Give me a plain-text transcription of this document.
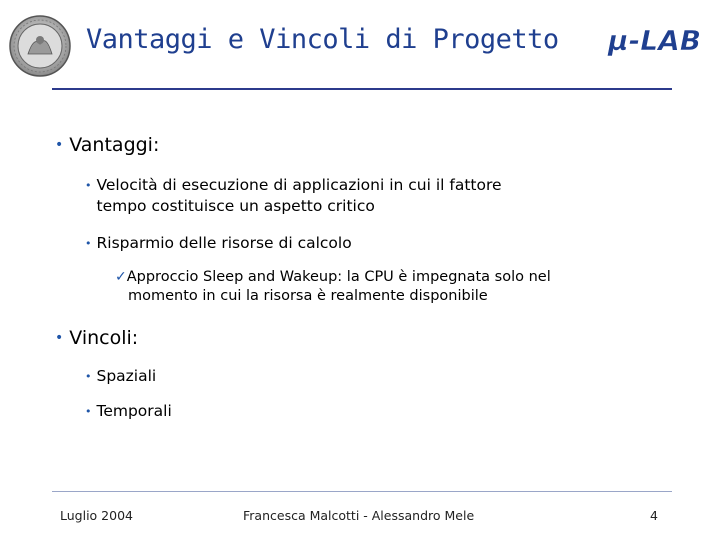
Vantaggi e Vincoli di Progetto μ-LAB
• Vantaggi:
• Velocità di esecuzione di applicazioni in cui il fattore
tempo costituisce un aspetto critico
• Risparmio delle risorse di calcolo
✓Approccio Sleep and Wakeup: la CPU è impegnata solo nel
momento in cui la risorsa è realmente disponibile
• Vincoli:
• Spaziali
• Temporali
Luglio 2004	Francesca Malcotti - Alessandro Mele	4
